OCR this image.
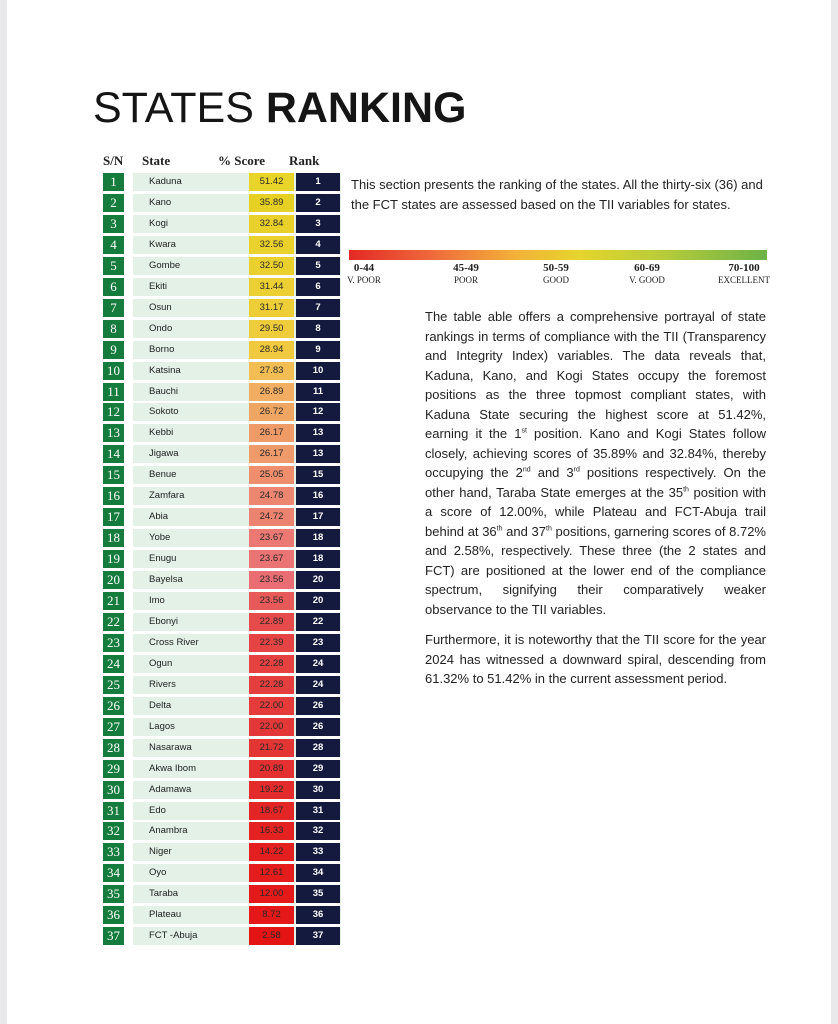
STATES RANKING
S/N State	% Score Rank
1	Kaduna	51.42	1
2	Kano	35.89	2
3	Kogi	32.84	3
4	Kwara	32.56	4
5	Gombe	32.50	5
6	Ekiti	31.44	6
7	Osun	31.17	7
8	Ondo	29.50	8
9	Borno	28.94	9
10	Katsina	27.83	10
11	Bauchi	26.89	11
12	Sokoto	26.72	12
13	Kebbi	26.17	13
14	Jigawa	26.17	13
15	Benue	25.05	15
16	Zamfara	24.78	16
17	Abia	24.72	17
18	Yobe	23.67	18
19	Enugu	23.67	18
20	Bayelsa	23.56	20
21	Imo	23.56	20
22	Ebonyi	22.89	22
23	Cross River	22.39	23
24	Ogun	22.28	24
25	Rivers	22.28	24
26	Delta	22.00	26
27	Lagos	22.00	26
28	Nasarawa	21.72	28
29	Akwa Ibom	20.89	29
30	Adamawa	19.22	30
31	Edo	18.67	31
32	Anambra	16.33	32
33	Niger	14.22	33
34	Oyo	12.61	34
35	Taraba	12.00	35
36	Plateau	8.72	36
37	FCT -Abuja	2.58	37
This section presents the ranking of the states. All the thirty-six (36) and the FCT states are assessed based on the TII variables for states.
0-44
V. POOR
45-49
POOR
50-59
GOOD
60-69
V. GOOD
70-100
EXCELLENT
The table able offers a comprehensive portrayal of state rankings in terms of compliance with the TII (Transparency and Integrity Index) variables. The data reveals that, Kaduna, Kano, and Kogi States occupy the foremost positions as the three topmost compliant states, with Kaduna State securing the highest score at 51.42%, earning it the 1st position. Kano and Kogi States follow closely, achieving scores of 35.89% and 32.84%, thereby occupying the 2nd and 3rd positions respectively. On the other hand, Taraba State emerges at the 35th position with a score of 12.00%, while Plateau and FCT-Abuja trail behind at 36th and 37th positions, garnering scores of 8.72% and 2.58%, respectively. These three (the 2 states and FCT) are positioned at the lower end of the compliance spectrum, signifying their comparatively weaker observance to the TII variables.
Furthermore, it is noteworthy that the TII score for the year 2024 has witnessed a downward spiral, descending from 61.32% to 51.42% in the current assessment period.
